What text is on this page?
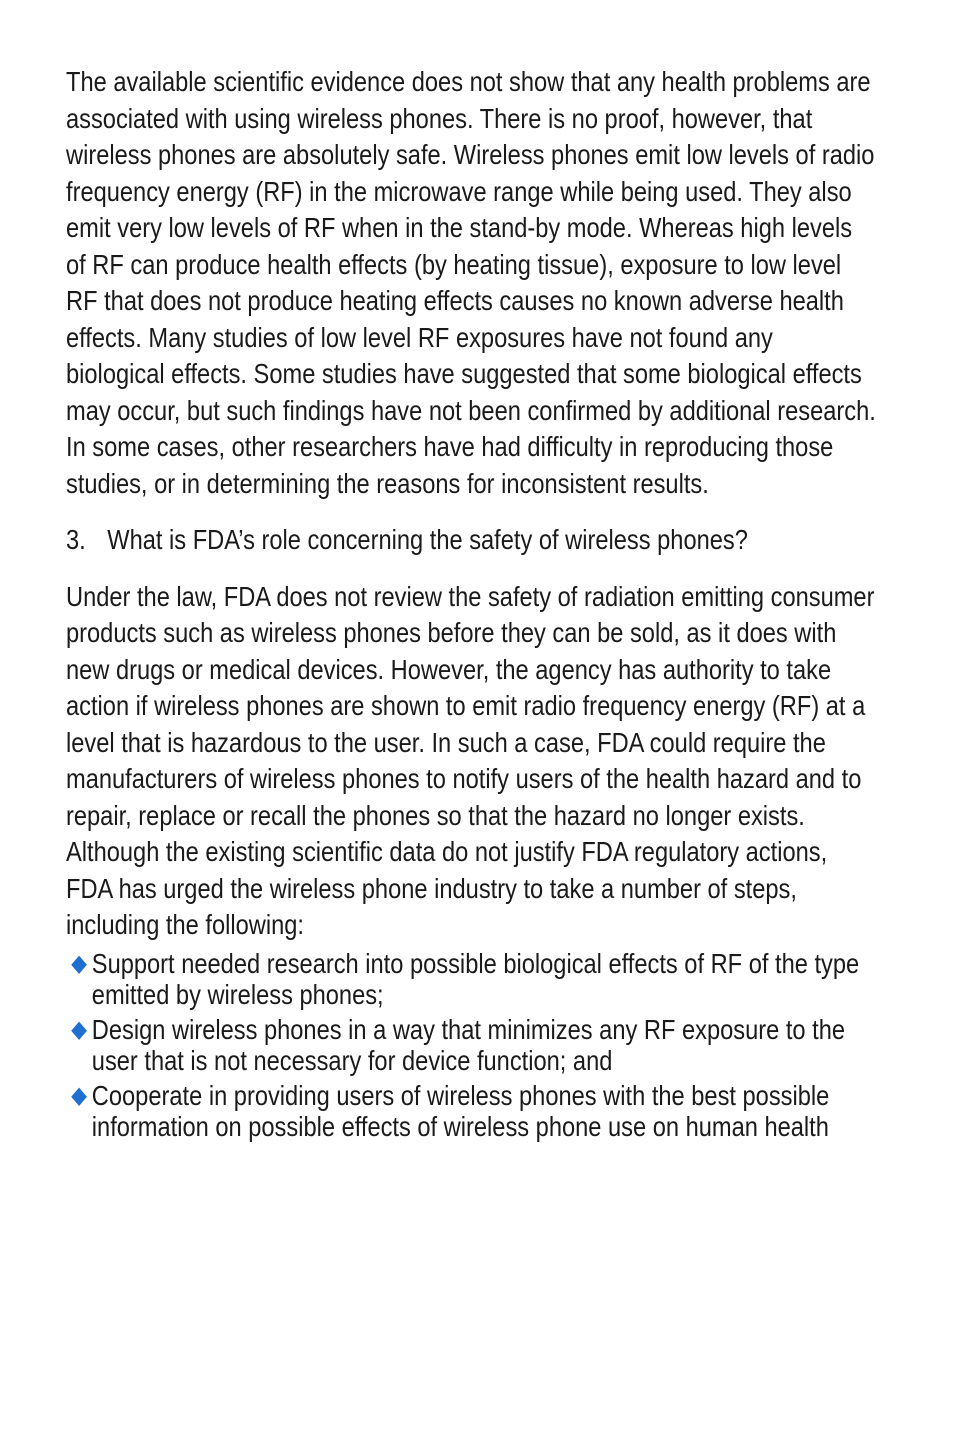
The available scientific evidence does not show that any health problems are associated with using wireless phones. There is no proof, however, that wireless phones are absolutely safe. Wireless phones emit low levels of radio frequency energy (RF) in the microwave range while being used. They also emit very low levels of RF when in the stand-by mode. Whereas high levels of RF can produce health effects (by heating tissue), exposure to low level RF that does not produce heating effects causes no known adverse health effects. Many studies of low level RF exposures have not found any biological effects. Some studies have suggested that some biological effects may occur, but such findings have not been confirmed by additional research. In some cases, other researchers have had difficulty in reproducing those studies, or in determining the reasons for inconsistent results.

3. What is FDA’s role concerning the safety of wireless phones?

Under the law, FDA does not review the safety of radiation emitting consumer products such as wireless phones before they can be sold, as it does with new drugs or medical devices. However, the agency has authority to take action if wireless phones are shown to emit radio frequency energy (RF) at a level that is hazardous to the user. In such a case, FDA could require the manufacturers of wireless phones to notify users of the health hazard and to repair, replace or recall the phones so that the hazard no longer exists.

Although the existing scientific data do not justify FDA regulatory actions, FDA has urged the wireless phone industry to take a number of steps, including the following:

◆ Support needed research into possible biological effects of RF of the type emitted by wireless phones;
◆ Design wireless phones in a way that minimizes any RF exposure to the user that is not necessary for device function; and
◆ Cooperate in providing users of wireless phones with the best possible information on possible effects of wireless phone use on human health
